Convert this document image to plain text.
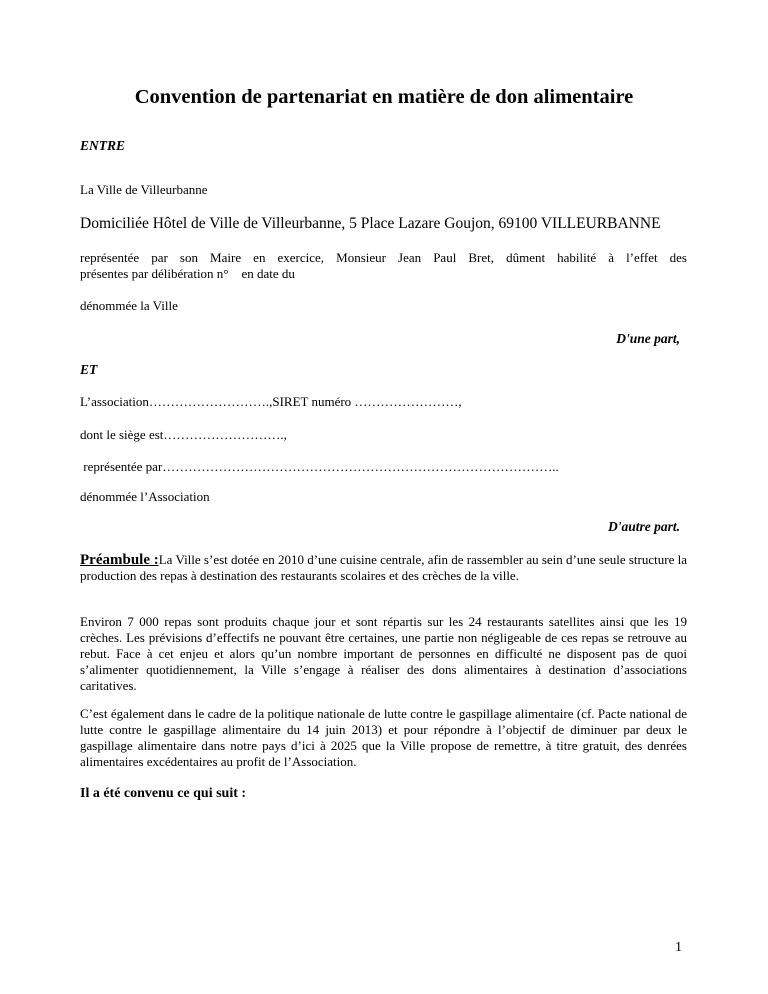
Convention de partenariat en matière de don alimentaire
ENTRE
La Ville de Villeurbanne
Domiciliée Hôtel de Ville de Villeurbanne, 5 Place Lazare Goujon, 69100 VILLEURBANNE
représentée par son Maire en exercice, Monsieur Jean Paul Bret, dûment habilité à l’effet des
présentes par délibération n°    en date du
dénommée la Ville
D'une part,
ET
L’association……………………….,SIRET numéro ……………………,
dont le siège est……………………….,
représentée par………………………………………………………………………………..
dénommée l’Association
D'autre part.
Préambule :La Ville s’est dotée en 2010 d’une cuisine centrale, afin de rassembler au sein d’une seule structure la production des repas à destination des restaurants scolaires et des crèches de la ville.
Environ 7 000 repas sont produits chaque jour et sont répartis sur les 24 restaurants satellites ainsi que les 19 crèches. Les prévisions d’effectifs ne pouvant être certaines, une partie non négligeable de ces repas se retrouve au rebut. Face à cet enjeu et alors qu’un nombre important de personnes en difficulté ne disposent pas de quoi s’alimenter quotidiennement, la Ville s’engage à réaliser des dons alimentaires à destination d’associations caritatives.
C’est également dans le cadre de la politique nationale de lutte contre le gaspillage alimentaire (cf. Pacte national de lutte contre le gaspillage alimentaire du 14 juin 2013) et pour répondre à l’objectif de diminuer par deux le gaspillage alimentaire dans notre pays d’ici à 2025 que la Ville propose de remettre, à titre gratuit, des denrées alimentaires excédentaires au profit de l’Association.
Il a été convenu ce qui suit :
1
